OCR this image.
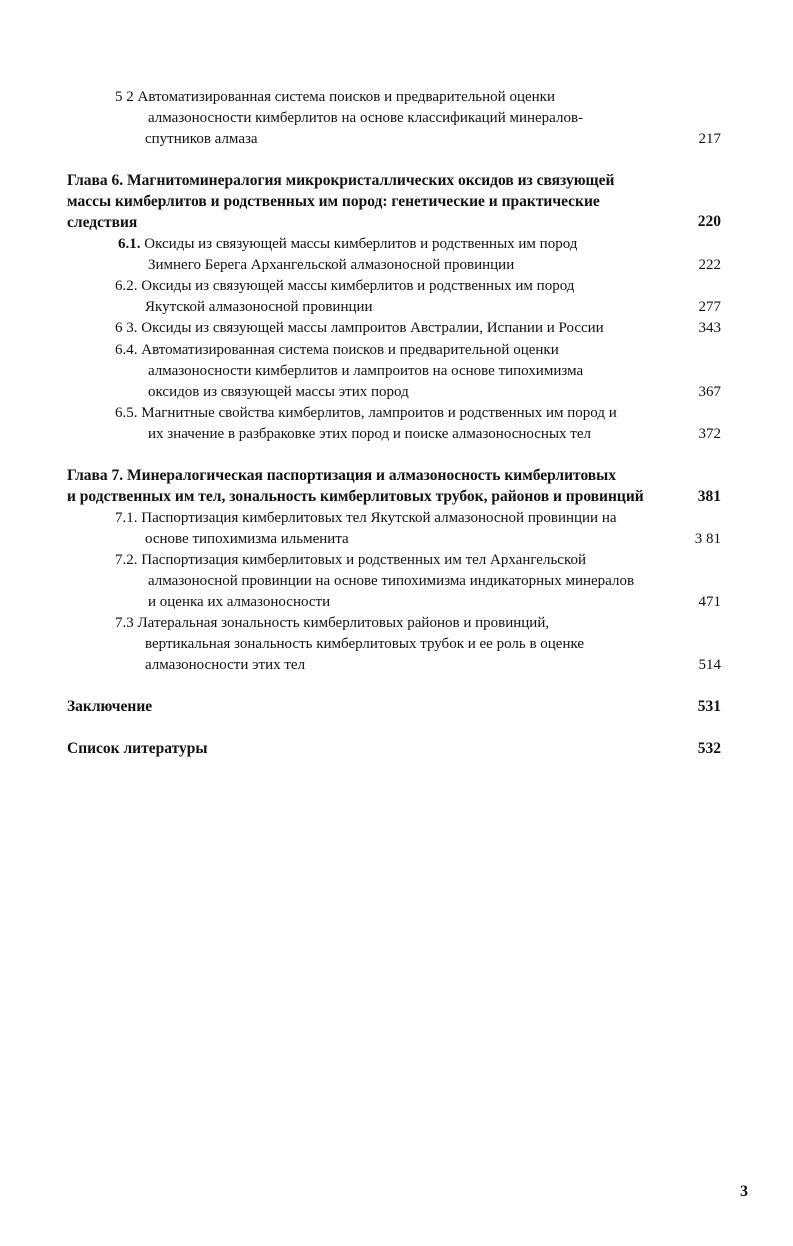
5 2 Автоматизированная система поисков и предварительной оценки
алмазоносности кимберлитов на основе классификаций минералов-
спутников алмаза	217
Глава 6. Магнитоминералогия микрокристаллических оксидов из связующей
массы кимберлитов и родственных им пород: генетические и практические
следствия	220
6.1. Оксиды из связующей массы кимберлитов и родственных им пород
Зимнего Берега Архангельской алмазоносной провинции	222
6.2. Оксиды из связующей массы кимберлитов и родственных им пород
Якутской алмазоносной провинции	277
6 3. Оксиды из связующей массы лампроитов Австралии, Испании и России	343
6.4. Автоматизированная система поисков и предварительной оценки
алмазоносности кимберлитов и лампроитов на основе типохимизма
оксидов из связующей массы этих пород	367
6.5. Магнитные свойства кимберлитов, лампроитов и родственных им пород и
их значение в разбраковке этих пород и поиске алмазоносносных тел	372
Глава 7. Минералогическая паспортизация и алмазоносность кимберлитовых
и родственных им тел, зональность кимберлитовых трубок, районов и провинций	381
7.1. Паспортизация кимберлитовых тел Якутской алмазоносной провинции на
основе типохимизма ильменита	3 81
7.2. Паспортизация кимберлитовых и родственных им тел Архангельской
алмазоносной провинции на основе типохимизма индикаторных минералов
и оценка их алмазоносности	471
7.3 Латеральная зональность кимберлитовых районов и провинций,
вертикальная зональность кимберлитовых трубок и ее роль в оценке
алмазоносности этих тел	514
Заключение	531
Список литературы	532
3
